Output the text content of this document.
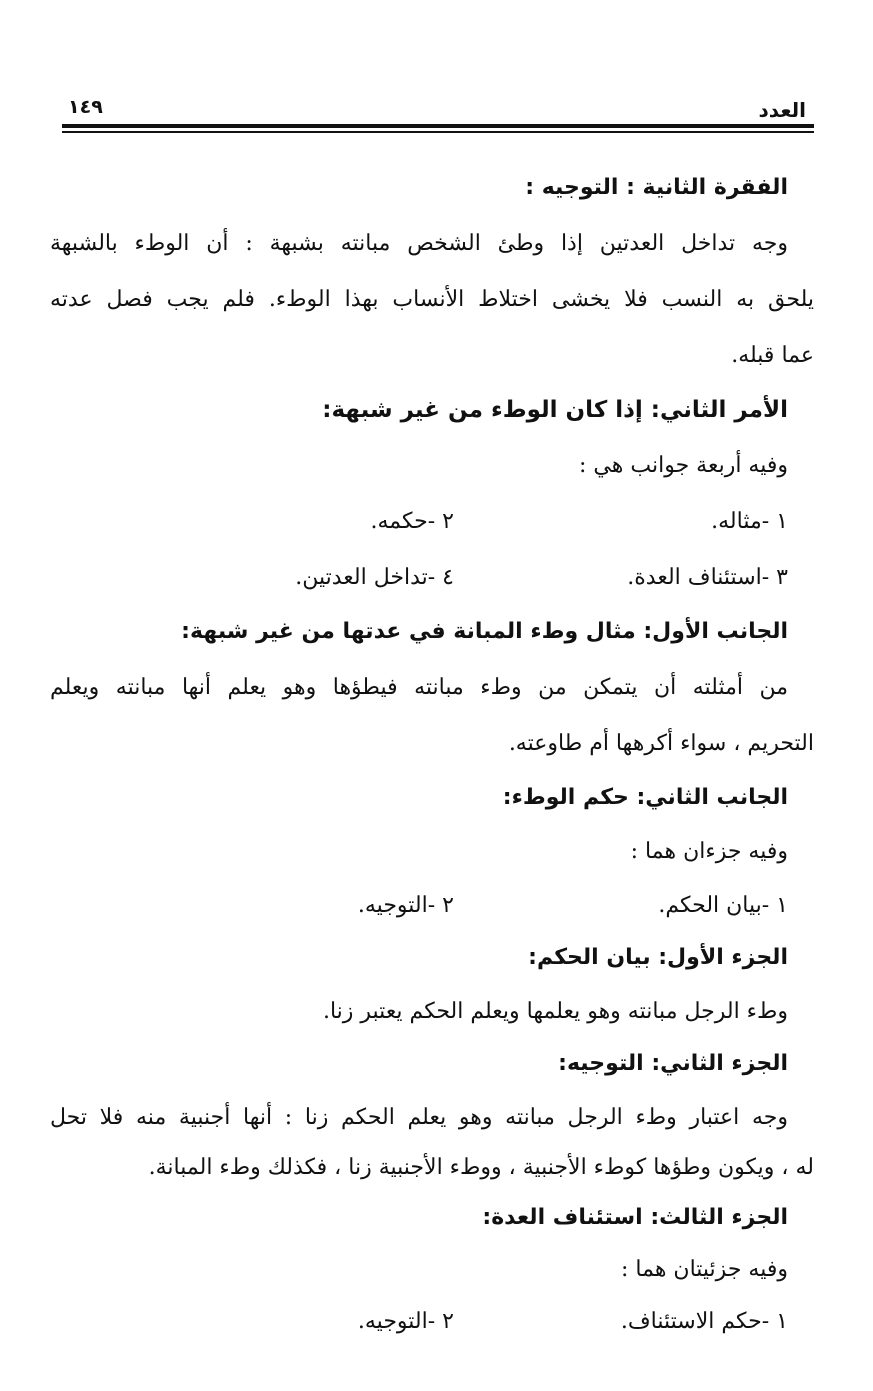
العدد
١٤٩
الفقرة الثانية : التوجيه :
وجه تداخل العدتين إذا وطئ الشخص مبانته بشبهة : أن الوطء بالشبهة
يلحق به النسب فلا يخشى اختلاط الأنساب بهذا الوطء. فلم يجب فصل عدته
عما قبله.
الأمر الثاني: إذا كان الوطء من غير شبهة:
وفيه أربعة جوانب هي :
١ -مثاله.
٢ -حكمه.
٣ -استئناف العدة.
٤ -تداخل العدتين.
الجانب الأول: مثال وطء المبانة في عدتها من غير شبهة:
من أمثلته أن يتمكن من وطء مبانته فيطؤها وهو يعلم أنها مبانته ويعلم
التحريم ، سواء أكرهها أم طاوعته.
الجانب الثاني: حكم الوطء:
وفيه جزءان هما :
١ -بيان الحكم.
٢ -التوجيه.
الجزء الأول: بيان الحكم:
وطء الرجل مبانته وهو يعلمها ويعلم الحكم يعتبر زنا.
الجزء الثاني: التوجيه:
وجه اعتبار وطء الرجل مبانته وهو يعلم الحكم زنا : أنها أجنبية منه فلا تحل
له ، ويكون وطؤها كوطء الأجنبية ، ووطء الأجنبية زنا ، فكذلك وطء المبانة.
الجزء الثالث: استئناف العدة:
وفيه جزئيتان هما :
١ -حكم الاستئناف.
٢ -التوجيه.
